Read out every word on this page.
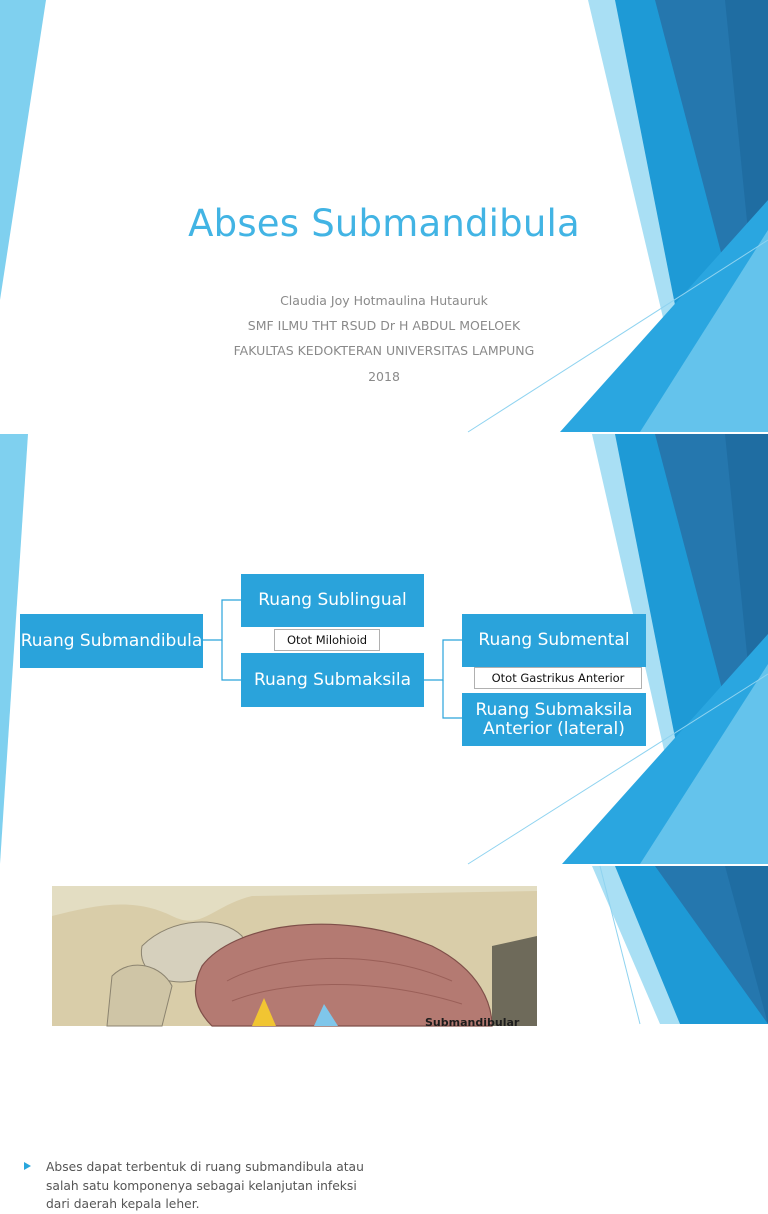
Abses Submandibula
Claudia Joy Hotmaulina Hutauruk
SMF ILMU THT RSUD Dr H ABDUL MOELOEK
FAKULTAS KEDOKTERAN UNIVERSITAS LAMPUNG
2018
Ruang Submandibula
Ruang Sublingual
Ruang Submaksila
Ruang Submental
Ruang Submaksila Anterior (lateral)
Otot Milohioid
Otot Gastrikus Anterior
Abses dapat terbentuk di ruang submandibula atau salah satu komponenya sebagai kelanjutan infeksi dari daerah kepala leher.
Submandibular
